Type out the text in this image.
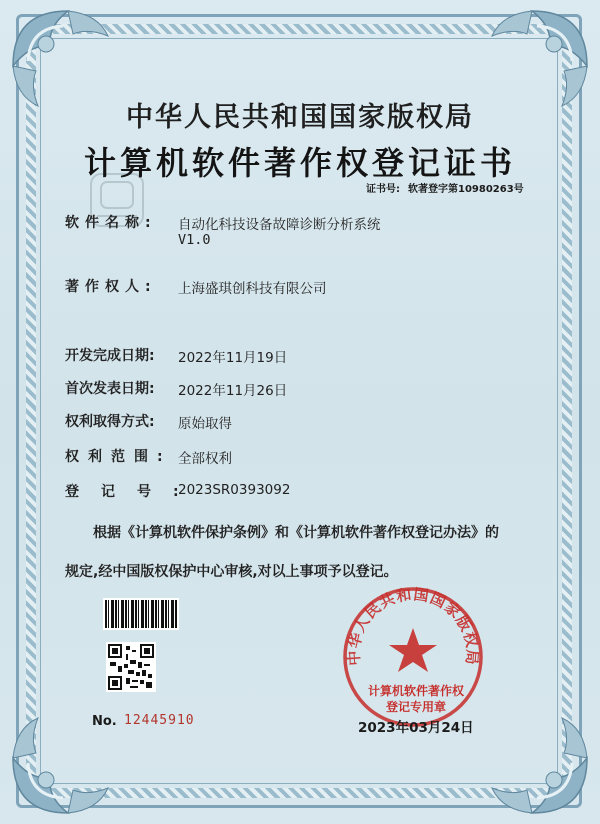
中华人民共和国国家版权局
计算机软件著作权登记证书
证书号: 软著登字第10980263号
软件名称: 自动化科技设备故障诊断分析系统
V1.0
著作权人: 上海盛琪创科技有限公司
开发完成日期: 2022年11月19日
首次发表日期: 2022年11月26日
权利取得方式: 原始取得
权利范围: 全部权利
登记号:
2023SR0393092
根据《计算机软件保护条例》和《计算机软件著作权登记办法》的
规定,经中国版权保护中心审核,对以上事项予以登记。
No. 12445910
中华人民共和国国家版权局
计算机软件著作权
登记专用章
2023年03月24日
